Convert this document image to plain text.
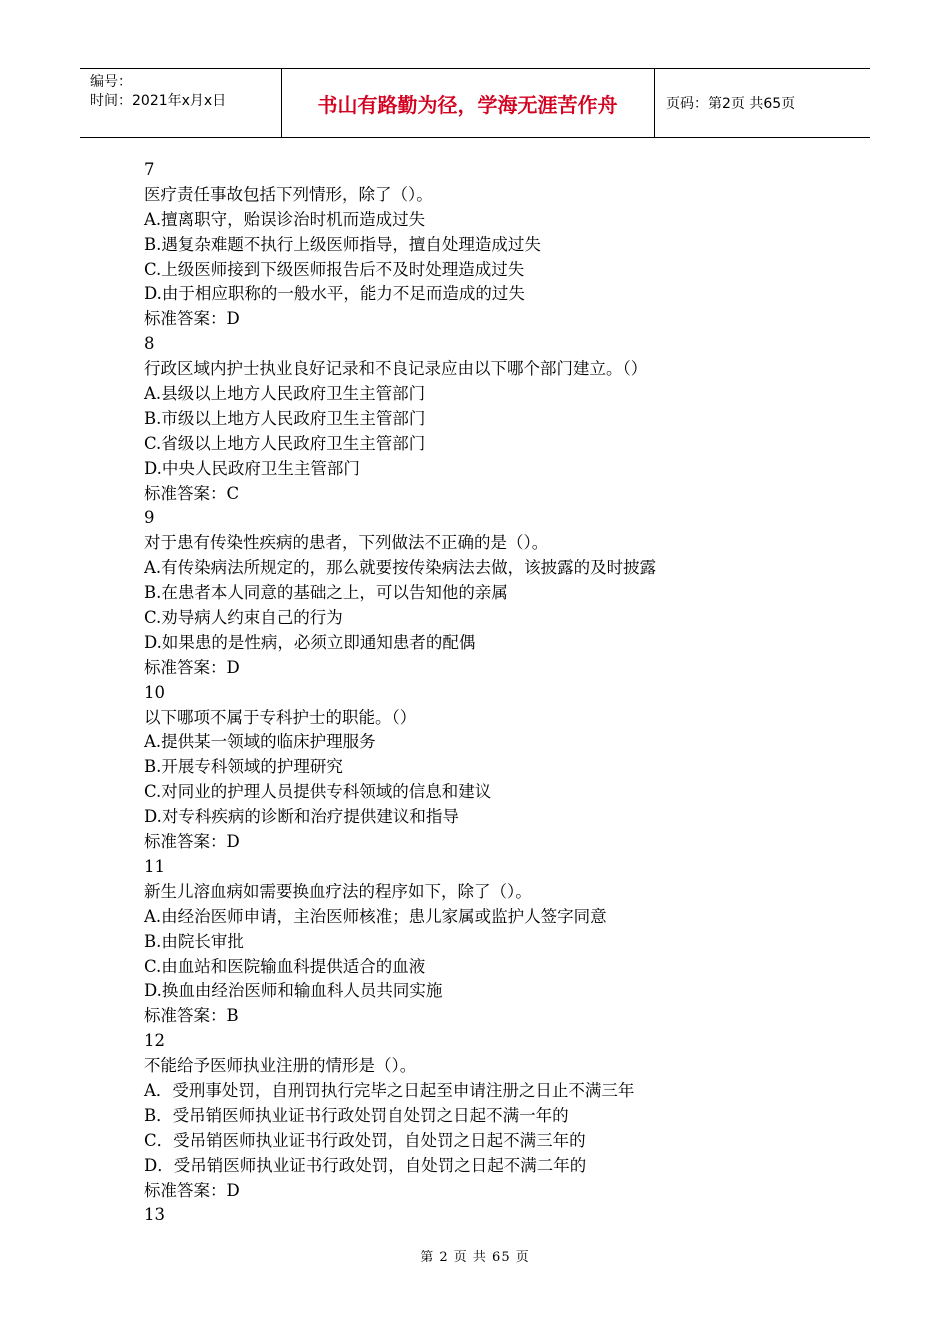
编号：
时间：2021年x月x日	书山有路勤为径，学海无涯苦作舟	页码：第2页 共65页
7
医疗责任事故包括下列情形，除了（）。
A.擅离职守，贻误诊治时机而造成过失
B.遇复杂难题不执行上级医师指导，擅自处理造成过失
C.上级医师接到下级医师报告后不及时处理造成过失
D.由于相应职称的一般水平，能力不足而造成的过失
标准答案：D
8
行政区域内护士执业良好记录和不良记录应由以下哪个部门建立。（）
A.县级以上地方人民政府卫生主管部门
B.市级以上地方人民政府卫生主管部门
C.省级以上地方人民政府卫生主管部门
D.中央人民政府卫生主管部门
标准答案：C
9
对于患有传染性疾病的患者，下列做法不正确的是（）。
A.有传染病法所规定的，那么就要按传染病法去做，该披露的及时披露
B.在患者本人同意的基础之上，可以告知他的亲属
C.劝导病人约束自己的行为
D.如果患的是性病，必须立即通知患者的配偶
标准答案：D
10
以下哪项不属于专科护士的职能。（）
A.提供某一领域的临床护理服务
B.开展专科领域的护理研究
C.对同业的护理人员提供专科领域的信息和建议
D.对专科疾病的诊断和治疗提供建议和指导
标准答案：D
11
新生儿溶血病如需要换血疗法的程序如下，除了（）。
A.由经治医师申请，主治医师核准；患儿家属或监护人签字同意
B.由院长审批
C.由血站和医院输血科提供适合的血液
D.换血由经治医师和输血科人员共同实施
标准答案：B
12
不能给予医师执业注册的情形是（）。
A．受刑事处罚，自刑罚执行完毕之日起至申请注册之日止不满三年
B．受吊销医师执业证书行政处罚自处罚之日起不满一年的
C．受吊销医师执业证书行政处罚，自处罚之日起不满三年的
D．受吊销医师执业证书行政处罚，自处罚之日起不满二年的
标准答案：D
13
第 2 页 共 65 页
